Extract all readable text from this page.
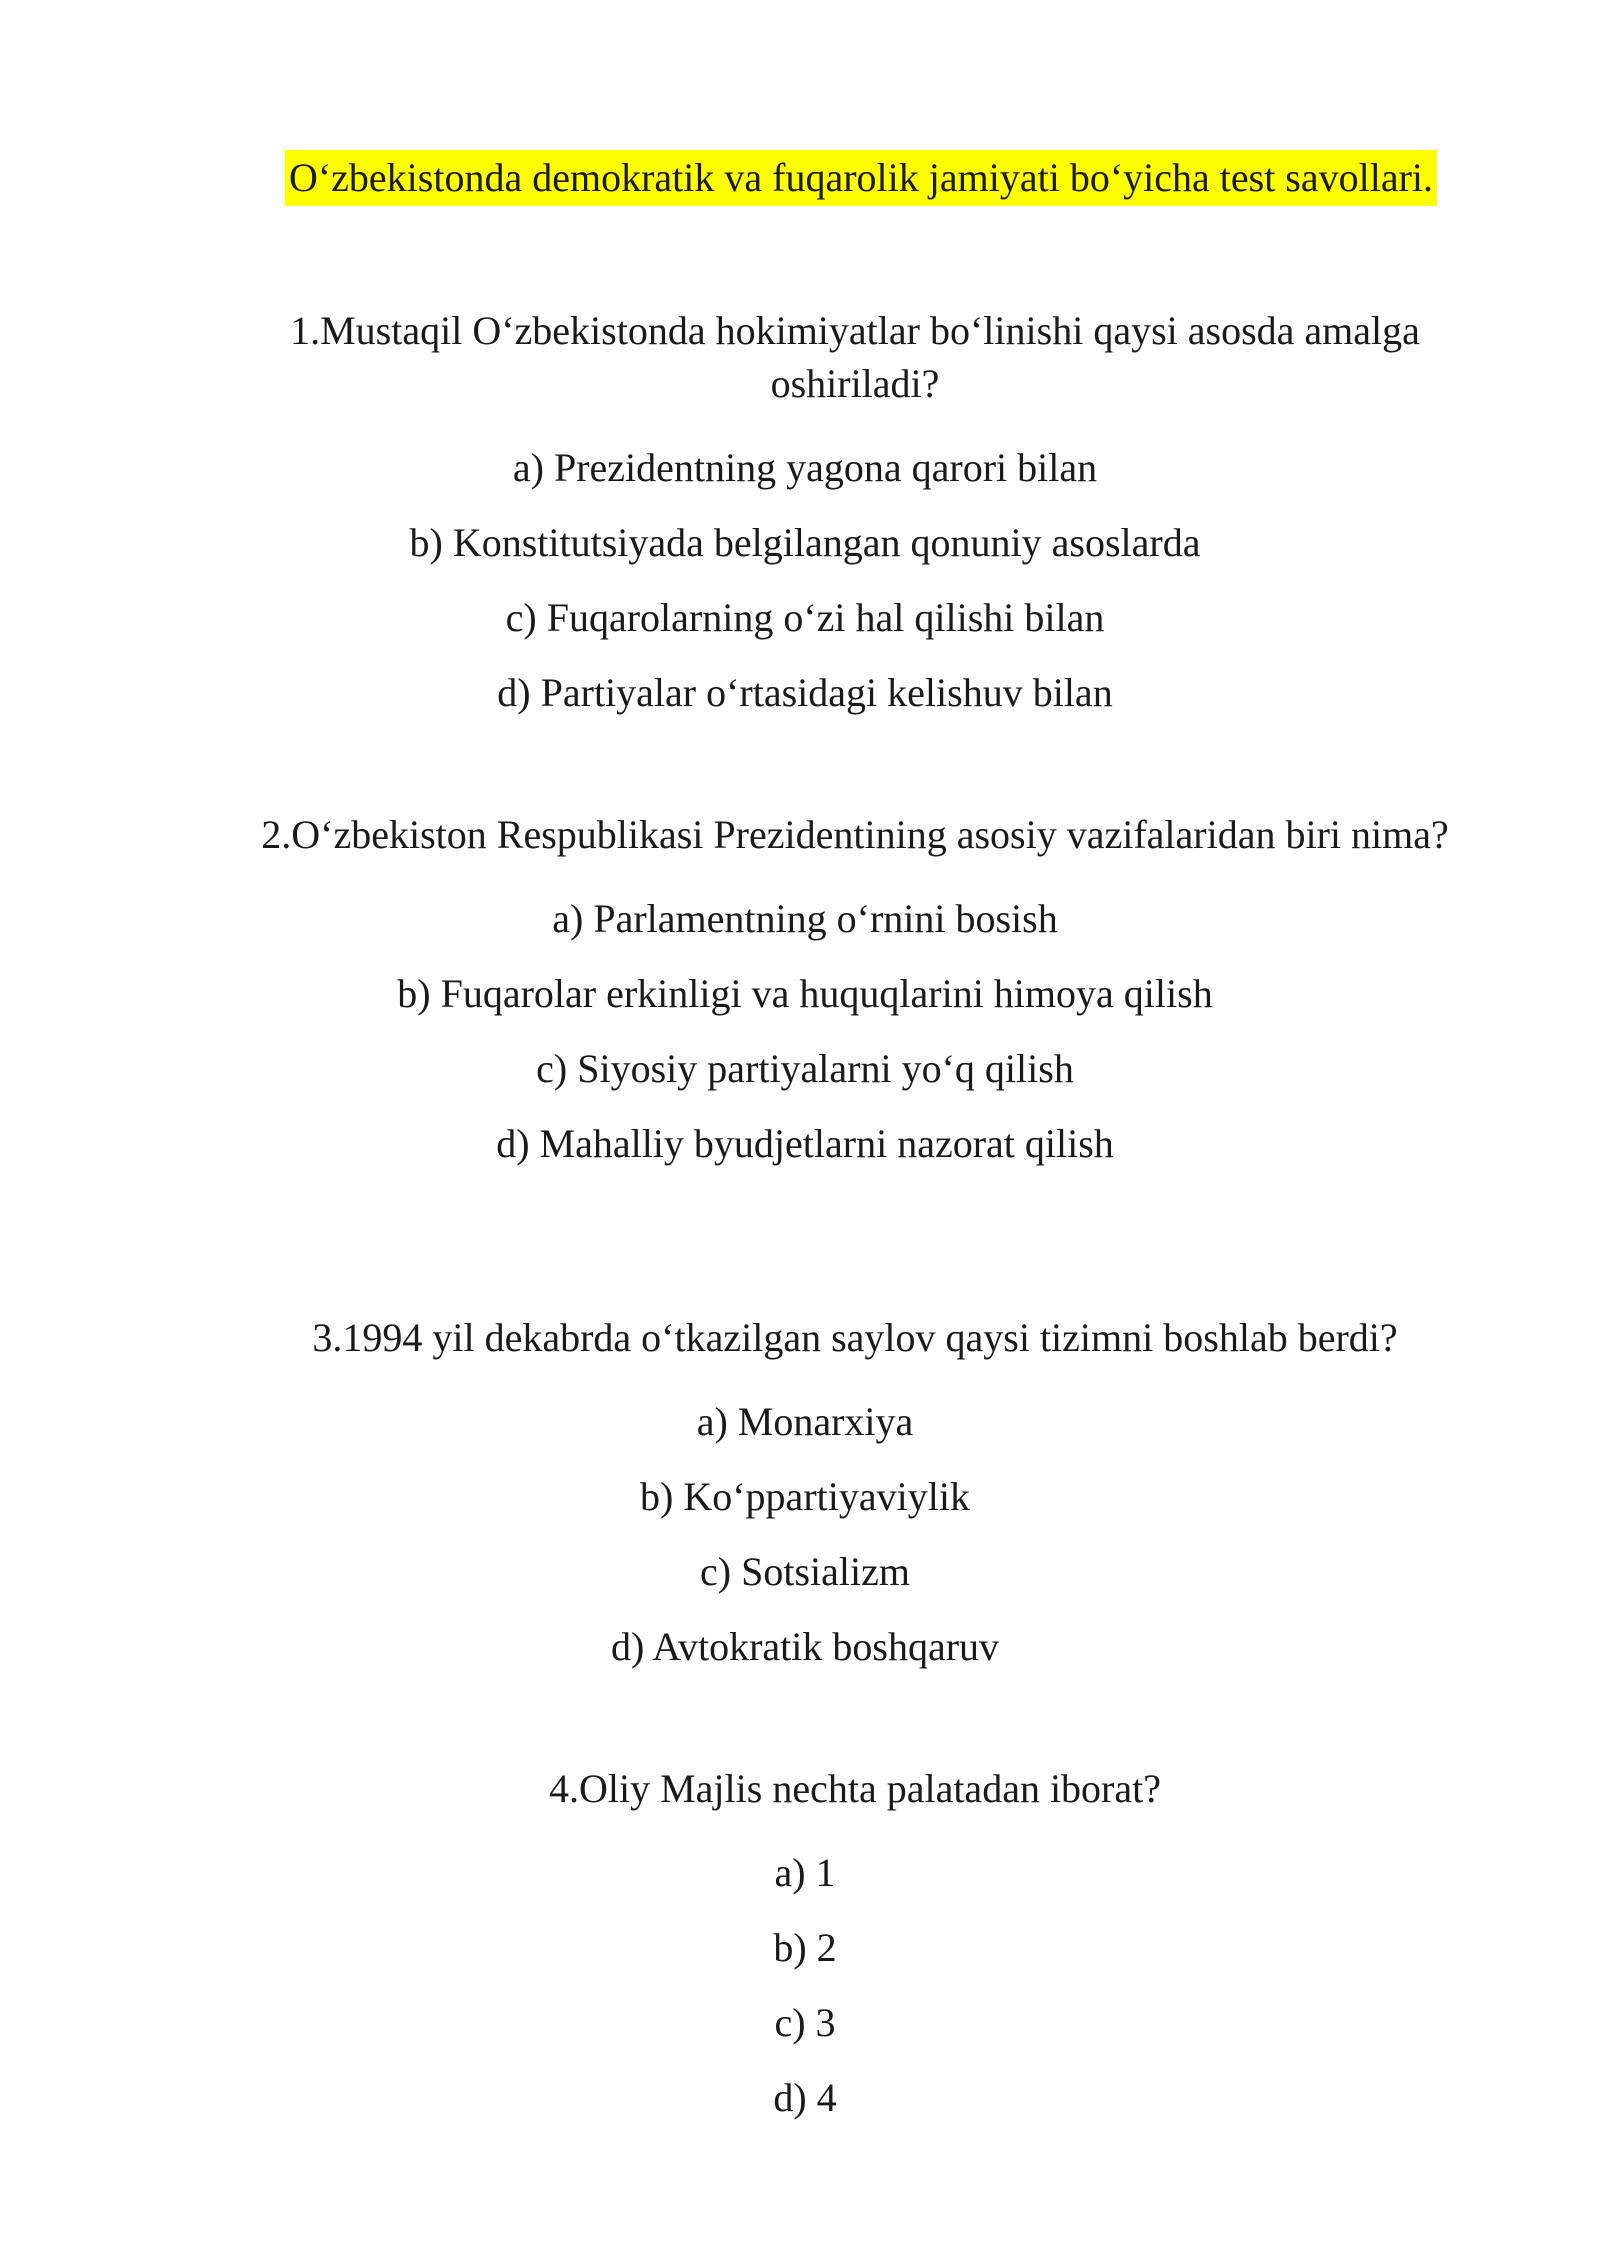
O‘zbekistonda demokratik va fuqarolik jamiyati bo‘yicha test savollari.
1.Mustaqil O‘zbekistonda hokimiyatlar bo‘linishi qaysi asosda amalga oshiriladi?
a) Prezidentning yagona qarori bilan
b) Konstitutsiyada belgilangan qonuniy asoslarda
c) Fuqarolarning o‘zi hal qilishi bilan
d) Partiyalar o‘rtasidagi kelishuv bilan
2.O‘zbekiston Respublikasi Prezidentining asosiy vazifalaridan biri nima?
a) Parlamentning o‘rnini bosish
b) Fuqarolar erkinligi va huquqlarini himoya qilish
c) Siyosiy partiyalarni yo‘q qilish
d) Mahalliy byudjetlarni nazorat qilish
3.1994 yil dekabrda o‘tkazilgan saylov qaysi tizimni boshlab berdi?
a) Monarxiya
b) Ko‘ppartiyaviylik
c) Sotsializm
d) Avtokratik boshqaruv
4.Oliy Majlis nechta palatadan iborat?
a) 1
b) 2
c) 3
d) 4
